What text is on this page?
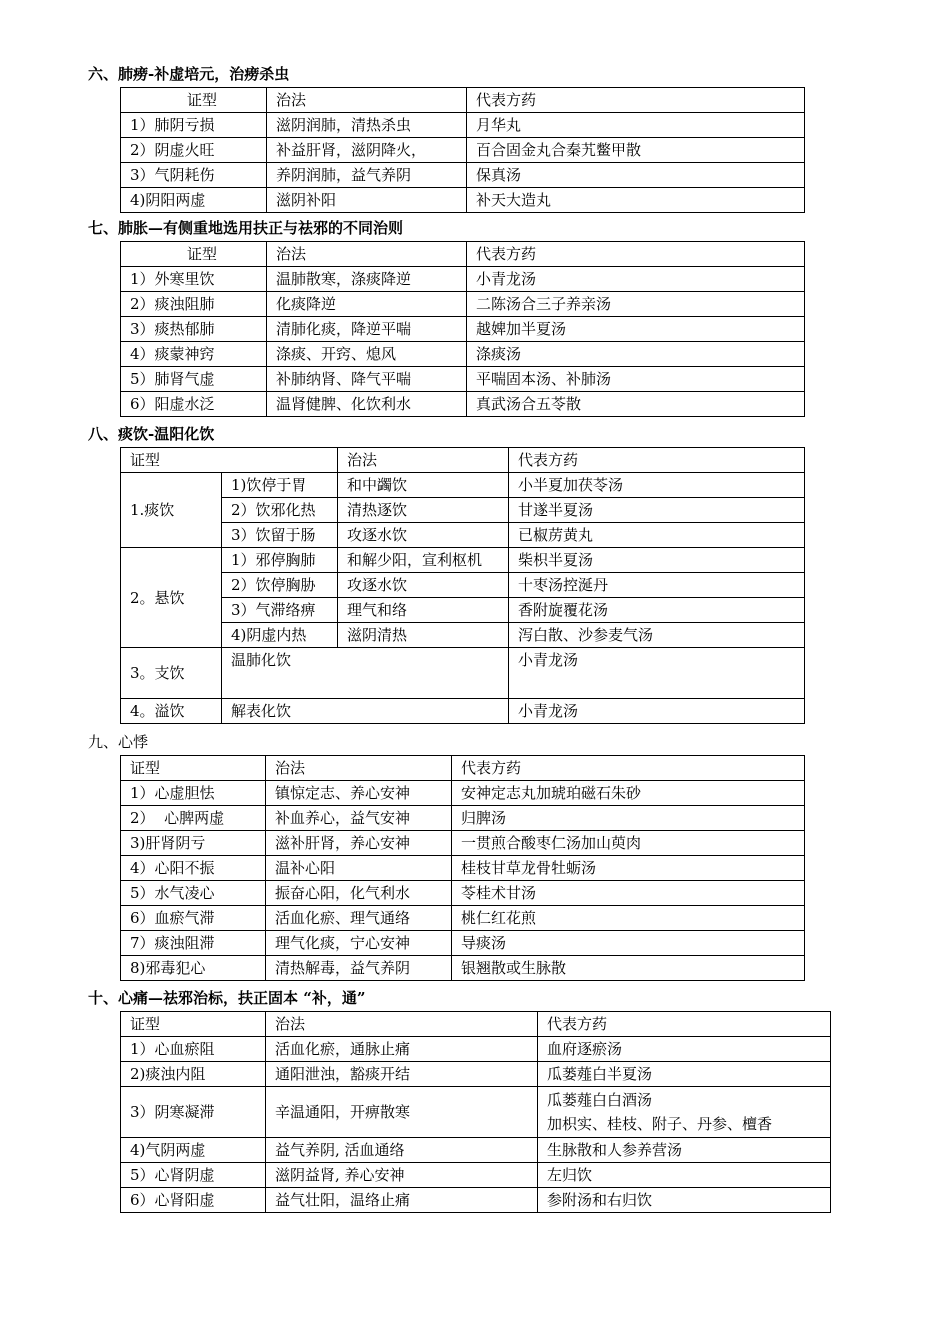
六、肺痨-补虚培元，治痨杀虫
证型	治法	代表方药
1）肺阴亏损	滋阴润肺，清热杀虫	月华丸
2）阴虚火旺	补益肝肾，滋阴降火，	百合固金丸合秦艽鳖甲散
3）气阴耗伤	养阴润肺，益气养阴	保真汤
4)阴阳两虚	滋阴补阳	补天大造丸
七、肺胀—有侧重地选用扶正与祛邪的不同治则
证型	治法	代表方药
1）外寒里饮	温肺散寒，涤痰降逆	小青龙汤
2）痰浊阻肺	化痰降逆	二陈汤合三子养亲汤
3）痰热郁肺	清肺化痰，降逆平喘	越婢加半夏汤
4）痰蒙神窍	涤痰、开窍、熄风	涤痰汤
5）肺肾气虚	补肺纳肾、降气平喘	平喘固本汤、补肺汤
6）阳虚水泛	温肾健脾、化饮利水	真武汤合五苓散
八、痰饮-温阳化饮
证型		治法	代表方药
1.痰饮	1)饮停于胃	和中蠲饮	小半夏加茯苓汤
	2）饮邪化热	清热逐饮	甘遂半夏汤
	3）饮留于肠	攻逐水饮	已椒苈黄丸
2。悬饮	1）邪停胸肺	和解少阳，宣利枢机	柴枳半夏汤
	2）饮停胸胁	攻逐水饮	十枣汤控涎丹
	3）气滞络痹	理气和络	香附旋覆花汤
	4)阴虚内热	滋阴清热	泻白散、沙参麦气汤
3。支饮	温肺化饮		小青龙汤
4。溢饮	解表化饮		小青龙汤
九、心悸
证型	治法	代表方药
1）心虚胆怯	镇惊定志、养心安神	安神定志丸加琥珀磁石朱砂
2）  心脾两虚	补血养心，益气安神	归脾汤
3)肝肾阴亏	滋补肝肾，养心安神	一贯煎合酸枣仁汤加山萸肉
4）心阳不振	温补心阳	桂枝甘草龙骨牡蛎汤
5）水气凌心	振奋心阳，化气利水	苓桂术甘汤
6）血瘀气滞	活血化瘀、理气通络	桃仁红花煎
7）痰浊阻滞	理气化痰，宁心安神	导痰汤
8)邪毒犯心	清热解毒，益气养阴	银翘散或生脉散
十、心痛—祛邪治标，扶正固本 “补，通”
证型	治法	代表方药
1）心血瘀阻	活血化瘀，通脉止痛	血府逐瘀汤
2)痰浊内阻	通阳泄浊，豁痰开结	瓜蒌薤白半夏汤
3）阴寒凝滞	辛温通阳，开痹散寒	瓜蒌薤白白酒汤
加枳实、桂枝、附子、丹参、檀香

4)气阴两虚	益气养阴, 活血通络	生脉散和人参养营汤
5）心肾阴虚	滋阴益肾, 养心安神	左归饮
6）心肾阳虚	益气壮阳，温络止痛	参附汤和右归饮
